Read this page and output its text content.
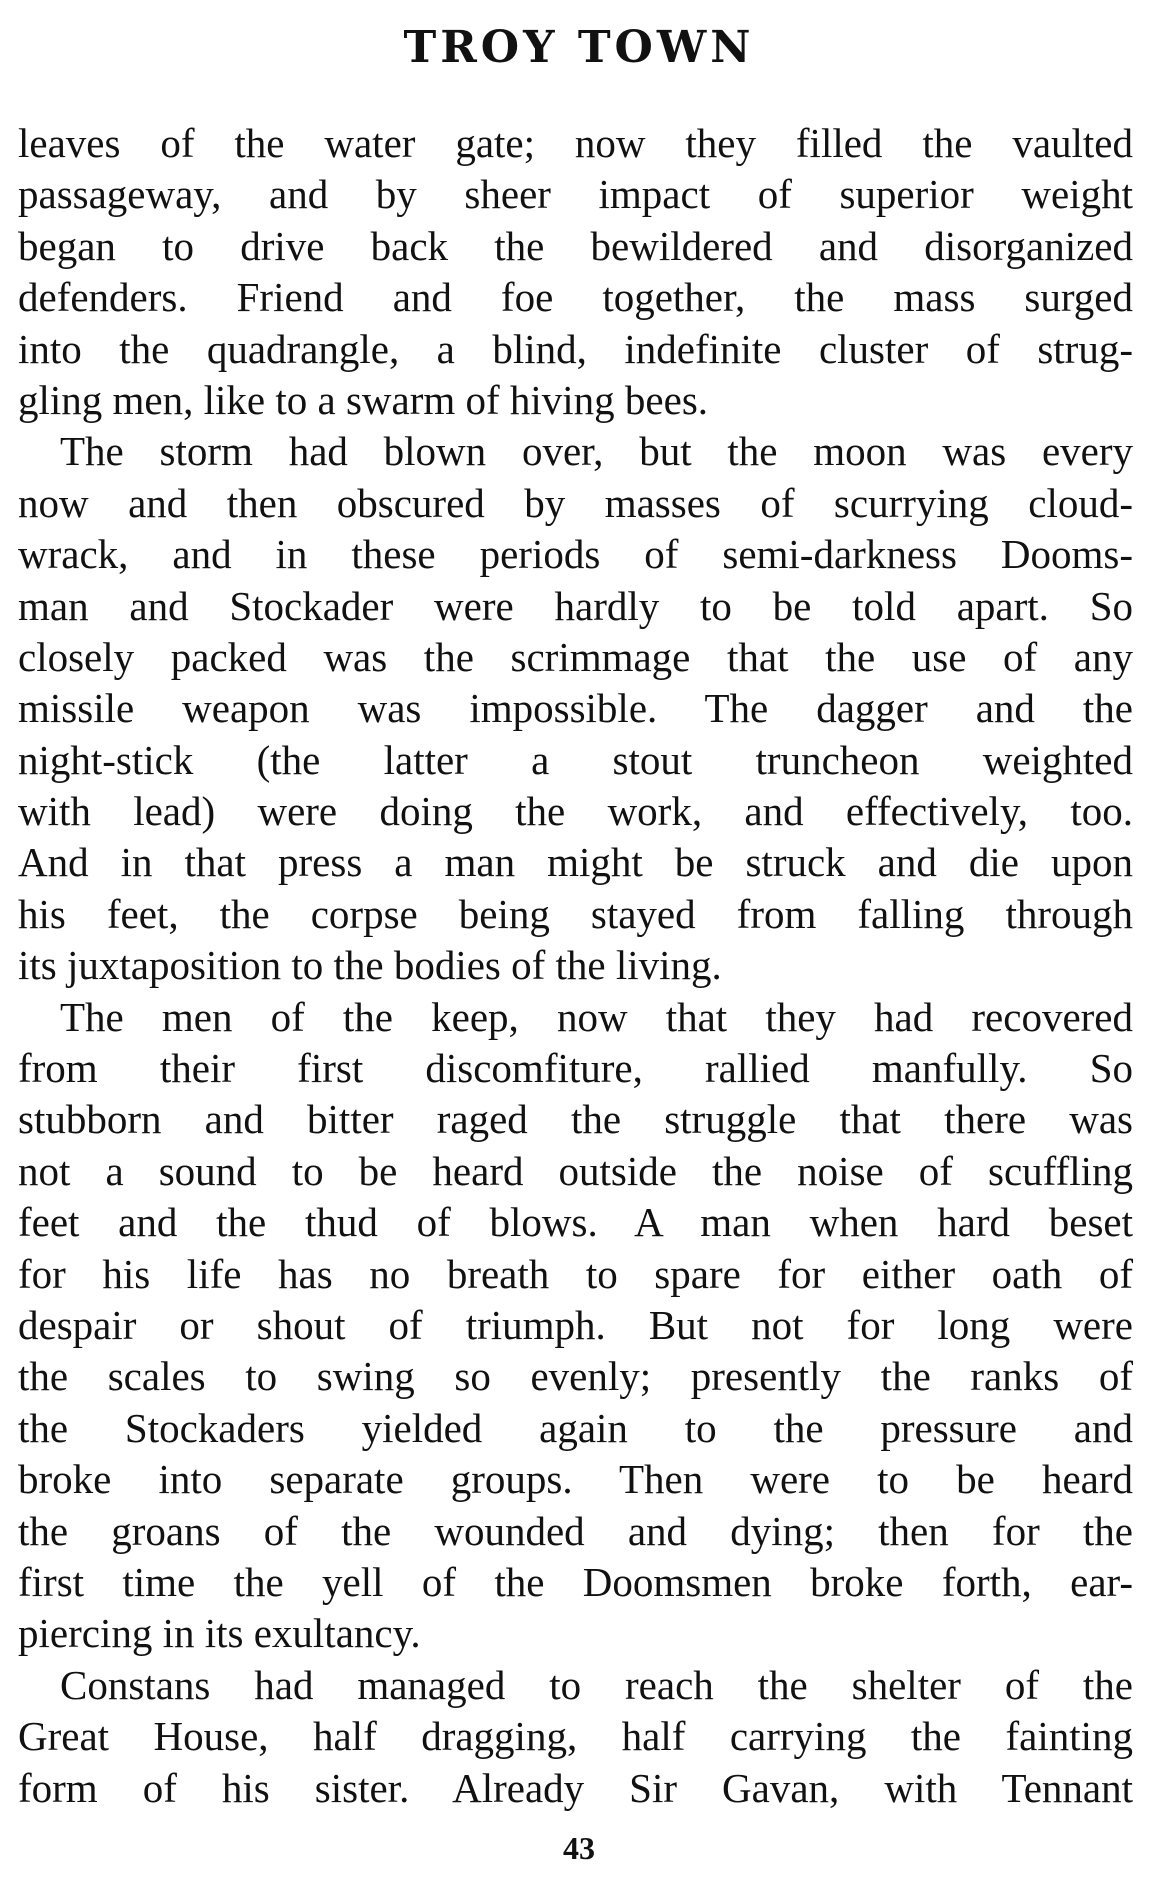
TROY TOWN
leaves of the water gate; now they filled the vaulted
passageway, and by sheer impact of superior weight
began to drive back the bewildered and disorganized
defenders. Friend and foe together, the mass surged
into the quadrangle, a blind, indefinite cluster of strug-
gling men, like to a swarm of hiving bees.
The storm had blown over, but the moon was every
now and then obscured by masses of scurrying cloud-
wrack, and in these periods of semi-darkness Dooms-
man and Stockader were hardly to be told apart. So
closely packed was the scrimmage that the use of any
missile weapon was impossible. The dagger and the
night-stick (the latter a stout truncheon weighted
with lead) were doing the work, and effectively, too.
And in that press a man might be struck and die upon
his feet, the corpse being stayed from falling through
its juxtaposition to the bodies of the living.
The men of the keep, now that they had recovered
from their first discomfiture, rallied manfully. So
stubborn and bitter raged the struggle that there was
not a sound to be heard outside the noise of scuffling
feet and the thud of blows. A man when hard beset
for his life has no breath to spare for either oath of
despair or shout of triumph. But not for long were
the scales to swing so evenly; presently the ranks of
the Stockaders yielded again to the pressure and
broke into separate groups. Then were to be heard
the groans of the wounded and dying; then for the
first time the yell of the Doomsmen broke forth, ear-
piercing in its exultancy.
Constans had managed to reach the shelter of the
Great House, half dragging, half carrying the fainting
form of his sister. Already Sir Gavan, with Tennant
43
